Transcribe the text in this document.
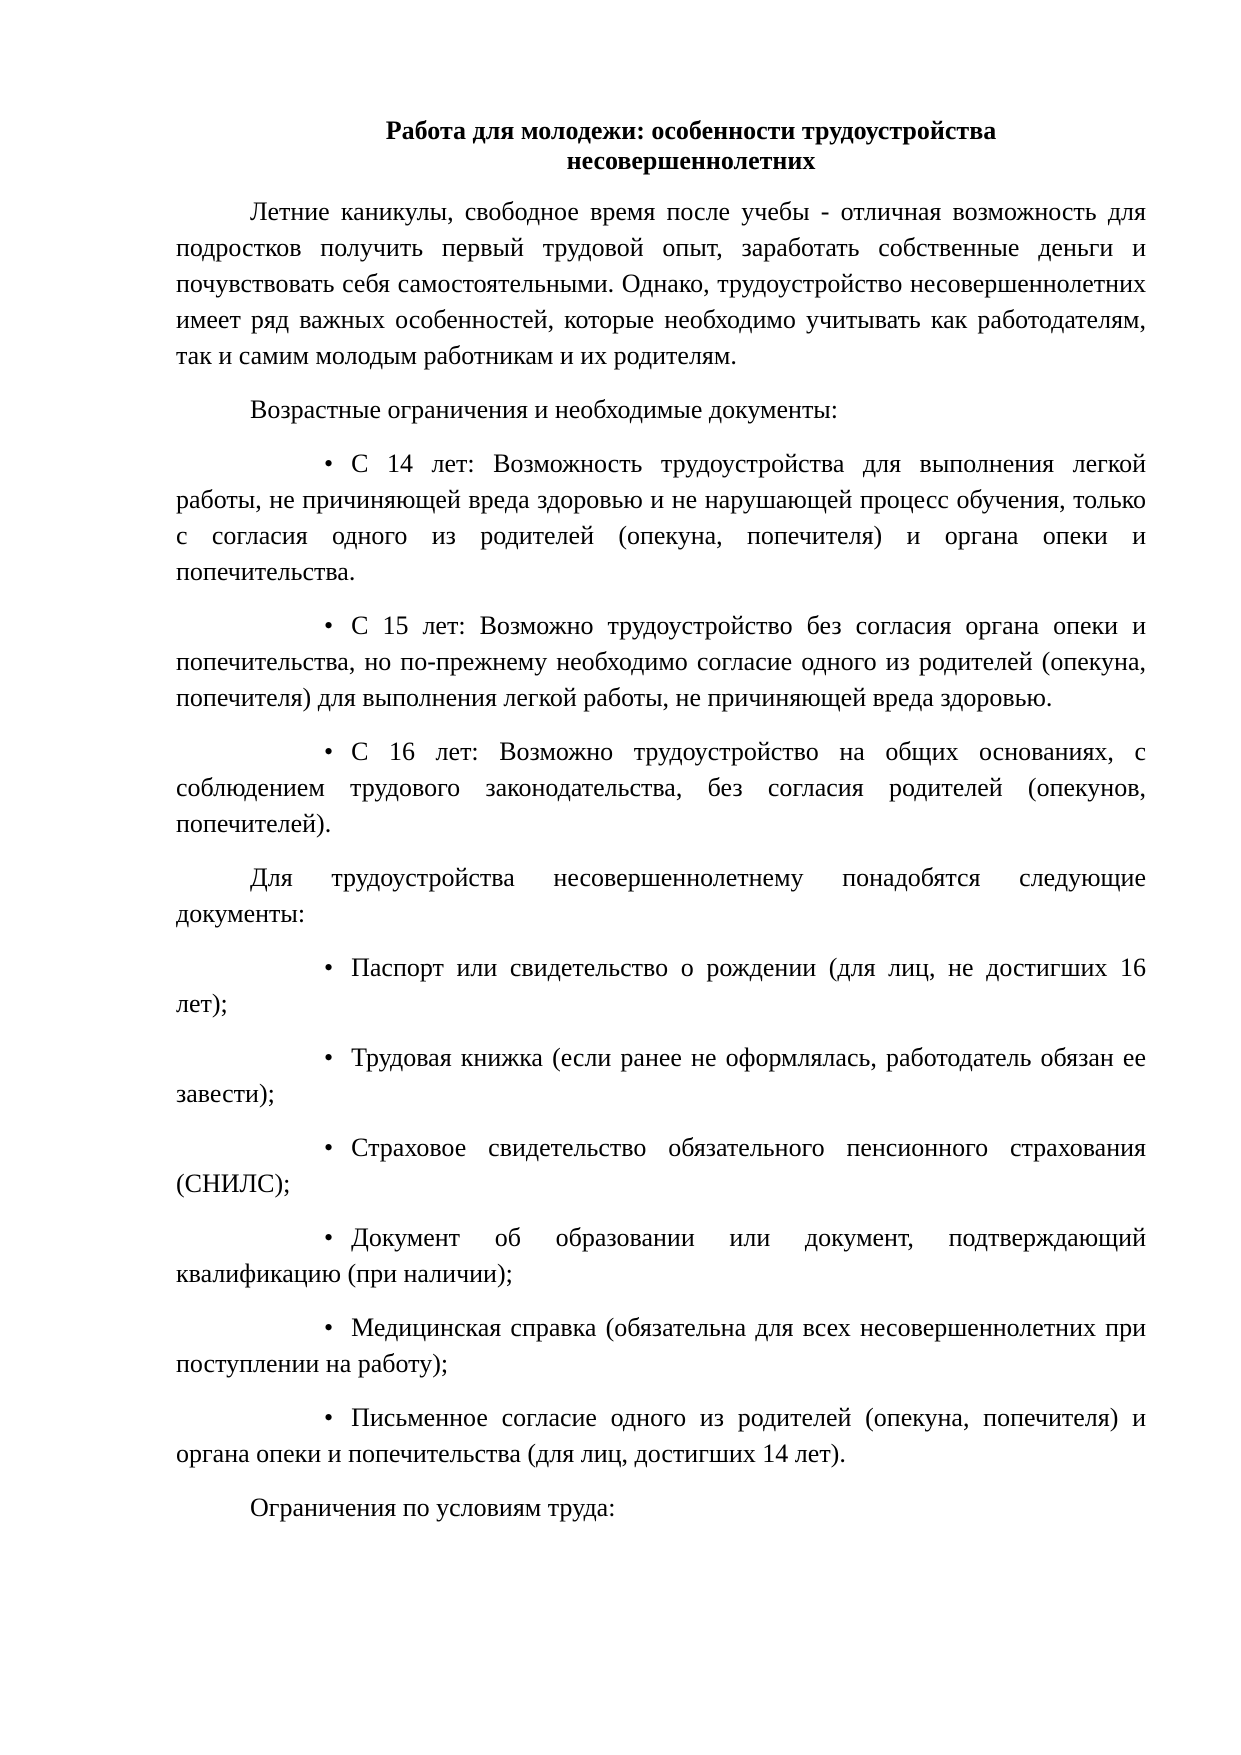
Работа для молодежи: особенности трудоустройства
несовершеннолетних

Летние каникулы, свободное время после учебы - отличная возможность для подростков получить первый трудовой опыт, заработать собственные деньги и почувствовать себя самостоятельными. Однако, трудоустройство несовершеннолетних имеет ряд важных особенностей, которые необходимо учитывать как работодателям, так и самим молодым работникам и их родителям.

Возрастные ограничения и необходимые документы:

• С 14 лет: Возможность трудоустройства для выполнения легкой работы, не причиняющей вреда здоровью и не нарушающей процесс обучения, только с согласия одного из родителей (опекуна, попечителя) и органа опеки и попечительства.

• С 15 лет: Возможно трудоустройство без согласия органа опеки и попечительства, но по-прежнему необходимо согласие одного из родителей (опекуна, попечителя) для выполнения легкой работы, не причиняющей вреда здоровью.

• С 16 лет: Возможно трудоустройство на общих основаниях, с соблюдением трудового законодательства, без согласия родителей (опекунов, попечителей).

Для трудоустройства несовершеннолетнему понадобятся следующие документы:

• Паспорт или свидетельство о рождении (для лиц, не достигших 16 лет);

• Трудовая книжка (если ранее не оформлялась, работодатель обязан ее завести);

• Страховое свидетельство обязательного пенсионного страхования (СНИЛС);

• Документ об образовании или документ, подтверждающий квалификацию (при наличии);

• Медицинская справка (обязательна для всех несовершеннолетних при поступлении на работу);

• Письменное согласие одного из родителей (опекуна, попечителя) и органа опеки и попечительства (для лиц, достигших 14 лет).

Ограничения по условиям труда:
